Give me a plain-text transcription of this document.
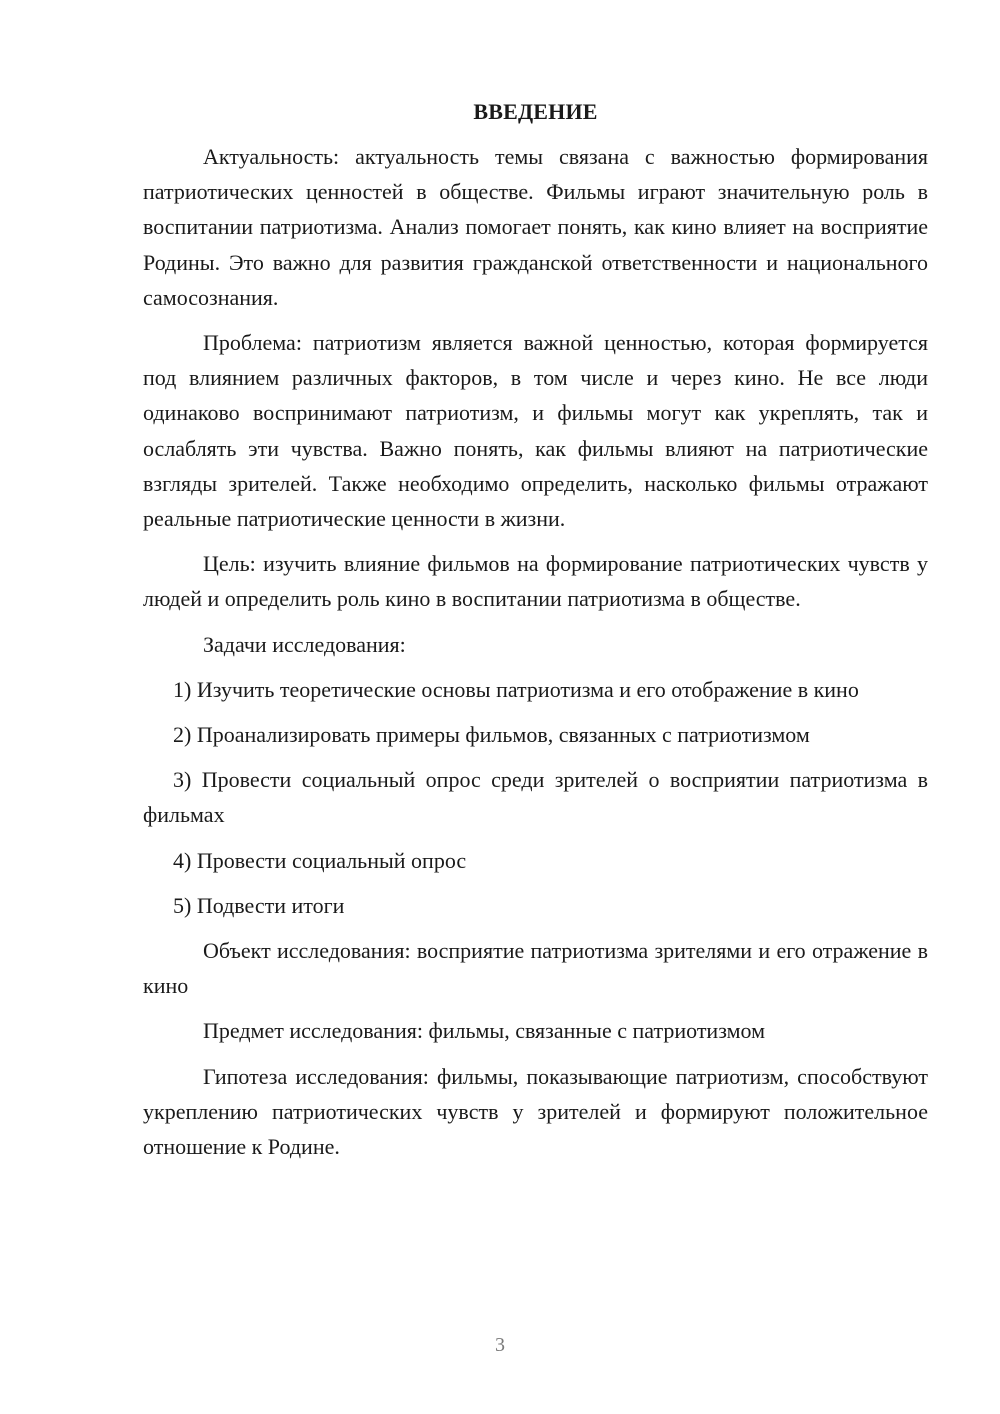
ВВЕДЕНИЕ

Актуальность: актуальность темы связана с важностью формирования патриотических ценностей в обществе. Фильмы играют значительную роль в воспитании патриотизма. Анализ помогает понять, как кино влияет на восприятие Родины. Это важно для развития гражданской ответственности и национального самосознания.

Проблема: патриотизм является важной ценностью, которая формируется под влиянием различных факторов, в том числе и через кино. Не все люди одинаково воспринимают патриотизм, и фильмы могут как укреплять, так и ослаблять эти чувства. Важно понять, как фильмы влияют на патриотические взгляды зрителей. Также необходимо определить, насколько фильмы отражают реальные патриотические ценности в жизни.

Цель: изучить влияние фильмов на формирование патриотических чувств у людей и определить роль кино в воспитании патриотизма в обществе.

Задачи исследования:

1) Изучить теоретические основы патриотизма и его отображение в кино

2) Проанализировать примеры фильмов, связанных с патриотизмом

3) Провести социальный опрос среди зрителей о восприятии патриотизма в фильмах

4) Провести социальный опрос

5) Подвести итоги

Объект исследования: восприятие патриотизма зрителями и его отражение в кино

Предмет исследования: фильмы, связанные с патриотизмом

Гипотеза исследования: фильмы, показывающие патриотизм, способствуют укреплению патриотических чувств у зрителей и формируют положительное отношение к Родине.

3
